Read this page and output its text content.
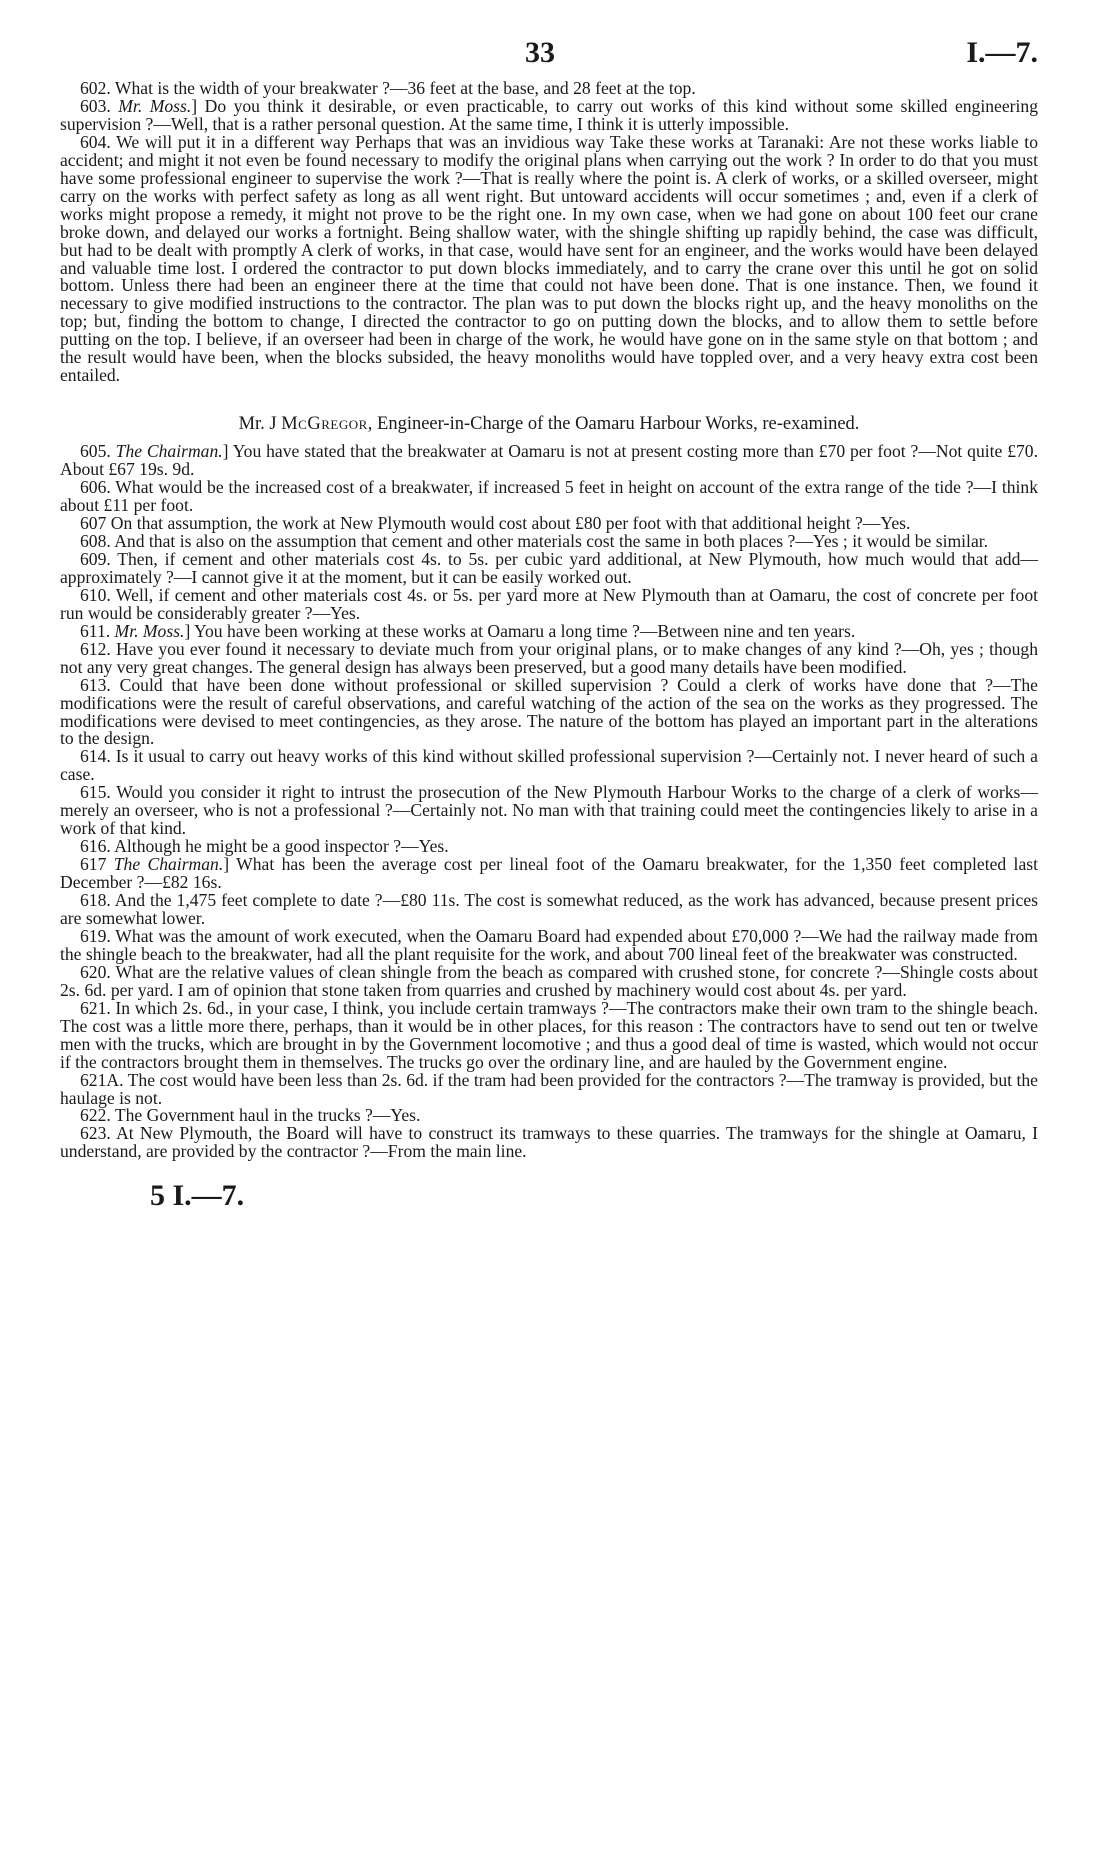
33	I.—7.

602. What is the width of your breakwater ?—36 feet at the base, and 28 feet at the top.

603. Mr. Moss.] Do you think it desirable, or even practicable, to carry out works of this kind without some skilled engineering supervision ?—Well, that is a rather personal question. At the same time, I think it is utterly impossible.

604. We will put it in a different way Perhaps that was an invidious way Take these works at Taranaki: Are not these works liable to accident; and might it not even be found necessary to modify the original plans when carrying out the work ? In order to do that you must have some professional engineer to supervise the work ?—That is really where the point is. A clerk of works, or a skilled overseer, might carry on the works with perfect safety as long as all went right. But untoward accidents will occur sometimes ; and, even if a clerk of works might propose a remedy, it might not prove to be the right one. In my own case, when we had gone on about 100 feet our crane broke down, and delayed our works a fortnight. Being shallow water, with the shingle shifting up rapidly behind, the case was difficult, but had to be dealt with promptly A clerk of works, in that case, would have sent for an engineer, and the works would have been delayed and valuable time lost. I ordered the contractor to put down blocks immediately, and to carry the crane over this until he got on solid bottom. Unless there had been an engineer there at the time that could not have been done. That is one instance. Then, we found it necessary to give modified instructions to the contractor. The plan was to put down the blocks right up, and the heavy monoliths on the top; but, finding the bottom to change, I directed the contractor to go on putting down the blocks, and to allow them to settle before putting on the top. I believe, if an overseer had been in charge of the work, he would have gone on in the same style on that bottom ; and the result would have been, when the blocks subsided, the heavy monoliths would have toppled over, and a very heavy extra cost been entailed.

Mr. J McGregor, Engineer-in-Charge of the Oamaru Harbour Works, re-examined.

605. The Chairman.] You have stated that the breakwater at Oamaru is not at present costing more than £70 per foot ?—Not quite £70. About £67 19s. 9d.

606. What would be the increased cost of a breakwater, if increased 5 feet in height on account of the extra range of the tide ?—I think about £11 per foot.

607 On that assumption, the work at New Plymouth would cost about £80 per foot with that additional height ?—Yes.

608. And that is also on the assumption that cement and other materials cost the same in both places ?—Yes ; it would be similar.

609. Then, if cement and other materials cost 4s. to 5s. per cubic yard additional, at New Plymouth, how much would that add—approximately ?—I cannot give it at the moment, but it can be easily worked out.

610. Well, if cement and other materials cost 4s. or 5s. per yard more at New Plymouth than at Oamaru, the cost of concrete per foot run would be considerably greater ?—Yes.

611. Mr. Moss.] You have been working at these works at Oamaru a long time ?—Between nine and ten years.

612. Have you ever found it necessary to deviate much from your original plans, or to make changes of any kind ?—Oh, yes ; though not any very great changes. The general design has always been preserved, but a good many details have been modified.

613. Could that have been done without professional or skilled supervision ? Could a clerk of works have done that ?—The modifications were the result of careful observations, and careful watching of the action of the sea on the works as they progressed. The modifications were devised to meet contingencies, as they arose. The nature of the bottom has played an important part in the alterations to the design.

614. Is it usual to carry out heavy works of this kind without skilled professional supervision ?—Certainly not. I never heard of such a case.

615. Would you consider it right to intrust the prosecution of the New Plymouth Harbour Works to the charge of a clerk of works—merely an overseer, who is not a professional ?—Certainly not. No man with that training could meet the contingencies likely to arise in a work of that kind.

616. Although he might be a good inspector ?—Yes.

617 The Chairman.] What has been the average cost per lineal foot of the Oamaru breakwater, for the 1,350 feet completed last December ?—£82 16s.

618. And the 1,475 feet complete to date ?—£80 11s. The cost is somewhat reduced, as the work has advanced, because present prices are somewhat lower.

619. What was the amount of work executed, when the Oamaru Board had expended about £70,000 ?—We had the railway made from the shingle beach to the breakwater, had all the plant requisite for the work, and about 700 lineal feet of the breakwater was constructed.

620. What are the relative values of clean shingle from the beach as compared with crushed stone, for concrete ?—Shingle costs about 2s. 6d. per yard. I am of opinion that stone taken from quarries and crushed by machinery would cost about 4s. per yard.

621. In which 2s. 6d., in your case, I think, you include certain tramways ?—The contractors make their own tram to the shingle beach. The cost was a little more there, perhaps, than it would be in other places, for this reason : The contractors have to send out ten or twelve men with the trucks, which are brought in by the Government locomotive ; and thus a good deal of time is wasted, which would not occur if the contractors brought them in themselves. The trucks go over the ordinary line, and are hauled by the Government engine.

621A. The cost would have been less than 2s. 6d. if the tram had been provided for the contractors ?—The tramway is provided, but the haulage is not.

622. The Government haul in the trucks ?—Yes.

623. At New Plymouth, the Board will have to construct its tramways to these quarries. The tramways for the shingle at Oamaru, I understand, are provided by the contractor ?—From the main line.

5 I.—7.
